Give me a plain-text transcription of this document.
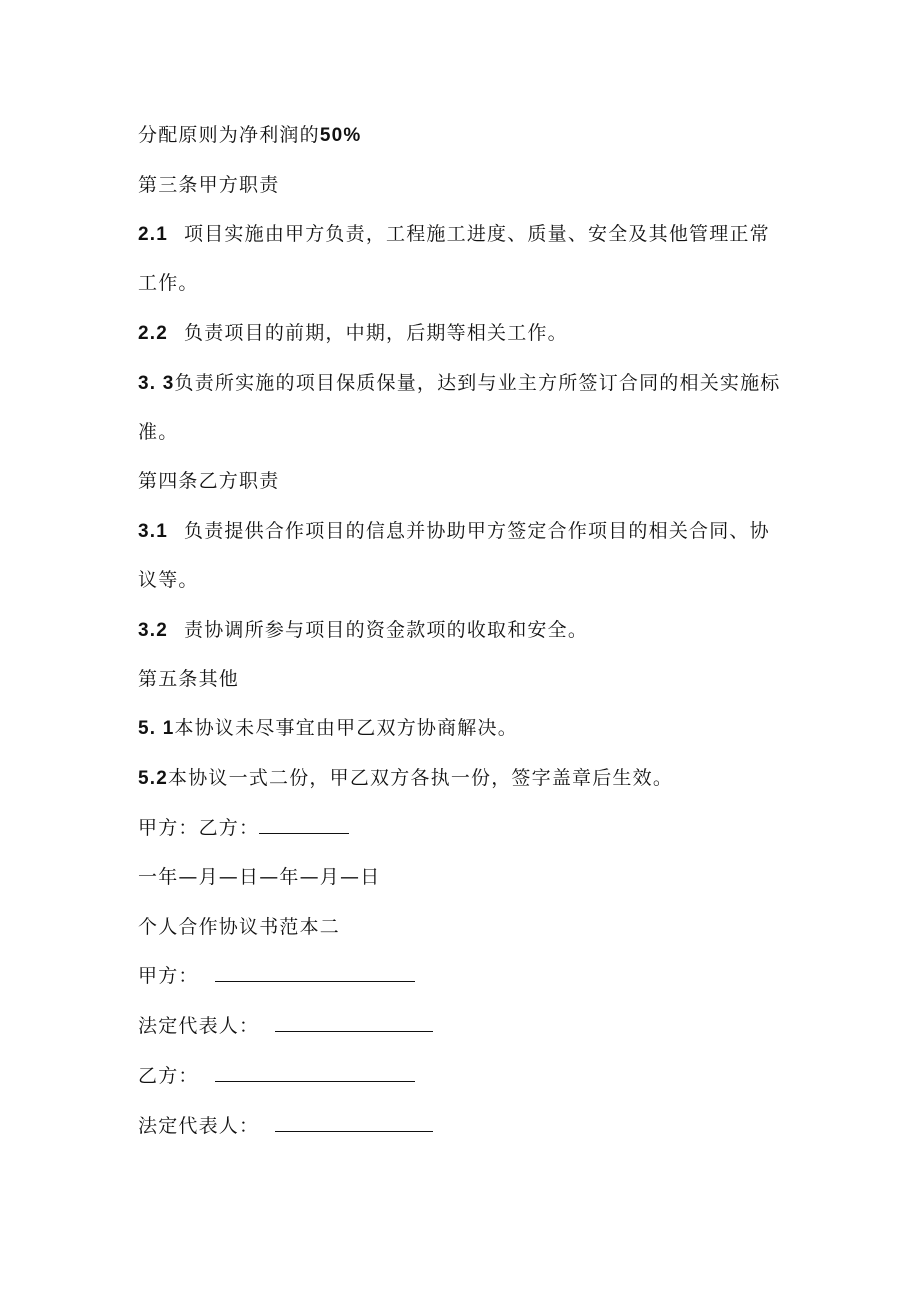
分配原则为净利润的50%
第三条甲方职责
2.1 项目实施由甲方负责，工程施工进度、质量、安全及其他管理正常
工作。
2.2 负责项目的前期，中期，后期等相关工作。
3. 3负责所实施的项目保质保量，达到与业主方所签订合同的相关实施标
准。
第四条乙方职责
3.1 负责提供合作项目的信息并协助甲方签定合作项目的相关合同、协
议等。
3.2 责协调所参与项目的资金款项的收取和安全。
第五条其他
5. 1本协议未尽事宜由甲乙双方协商解决。
5.2本协议一式二份，甲乙双方各执一份，签字盖章后生效。
甲方：乙方：
一年—月—日—年—月—日
个人合作协议书范本二
甲方：
法定代表人：
乙方：
法定代表人：
